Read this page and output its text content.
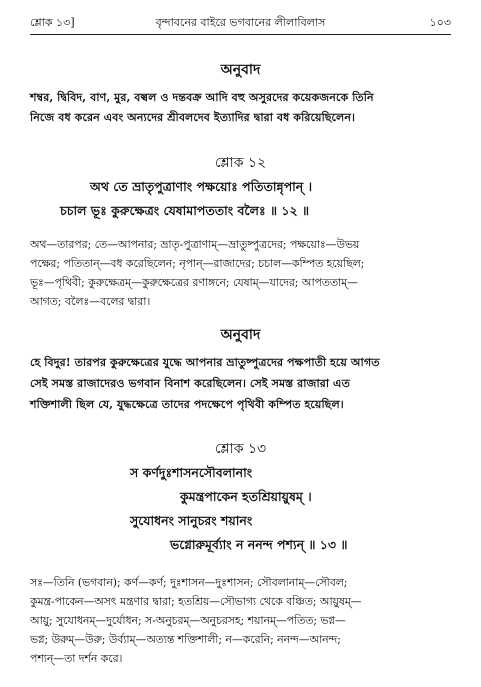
শ্লোক ১৩]	বৃন্দাবনের বাইরে ভগবানের লীলাবিলাস	১০৩
অনুবাদ
শম্বর, দ্বিবিদ, বাণ, মুর, বল্বল ও দন্তবক্র আদি বহু অসুরদের কয়েকজনকে তিনি
নিজে বধ করেন এবং অন্যদের শ্রীবলদেব ইত্যাদির দ্বারা বধ করিয়েছিলেন।
শ্লোক ১২
অথ তে ভ্রাতৃপুত্রাণাং পক্ষয়োঃ পতিতান্নৃপান্ ।
চচাল ভূঃ কুরুক্ষেত্রং যেষামাপততাং বলৈঃ ॥ ১২ ॥
অথ—তারপর; তে—আপনার; ভ্রাতৃ-পুত্রাণাম্—ভ্রাতুষ্পুত্রদের; পক্ষয়োঃ—উভয়
পক্ষের; পতিতান্—বধ করেছিলেন; নৃপান্—রাজাদের; চচাল—কম্পিত হয়েছিল;
ভূঃ—পৃথিবী; কুরুক্ষেত্রম্—কুরুক্ষেত্রের রণাঙ্গনে; যেষাম্—যাদের; আপততাম্—
আগত; বলৈঃ—বলের দ্বারা।
অনুবাদ
হে বিদুর! তারপর কুরুক্ষেত্রের যুদ্ধে আপনার ভ্রাতুষ্পুত্রদের পক্ষপাতী হয়ে আগত
সেই সমস্ত রাজাদেরও ভগবান বিনাশ করেছিলেন। সেই সমস্ত রাজারা এত
শক্তিশালী ছিল যে, যুদ্ধক্ষেত্রে তাদের পদক্ষেপে পৃথিবী কম্পিত হয়েছিল।
শ্লোক ১৩
স কর্ণদুঃশাসনসৌবলানাং
কুমন্ত্রপাকেন হতশ্রিয়ায়ুষম্ ।
সুযোধনং সানুচরং শয়ানং
ভগ্নোরুমূর্ব্যাং ন ননন্দ পশ্যন্ ॥ ১৩ ॥
সঃ—তিনি (ভগবান); কর্ণ—কর্ণ; দুঃশাসন—দুঃশাসন; সৌবলানাম্—সৌবল;
কুমন্ত্র-পাকেন—অসৎ মন্ত্রণার দ্বারা; হতশ্রিয়—সৌভাগ্য থেকে বঞ্চিত; আয়ুষম্—
আয়ু; সুযোধনম্—দুর্যোধন; স-অনুচরম্—অনুচরসহ; শয়ানম্—পতিত; ভগ্ন—
ভগ্ন; উরুম্—উরু; উর্ব্যাম্—অত্যন্ত শক্তিশালী; ন—করেনি; ননন্দ—আনন্দ;
পশ্যন্—তা দর্শন করে।
